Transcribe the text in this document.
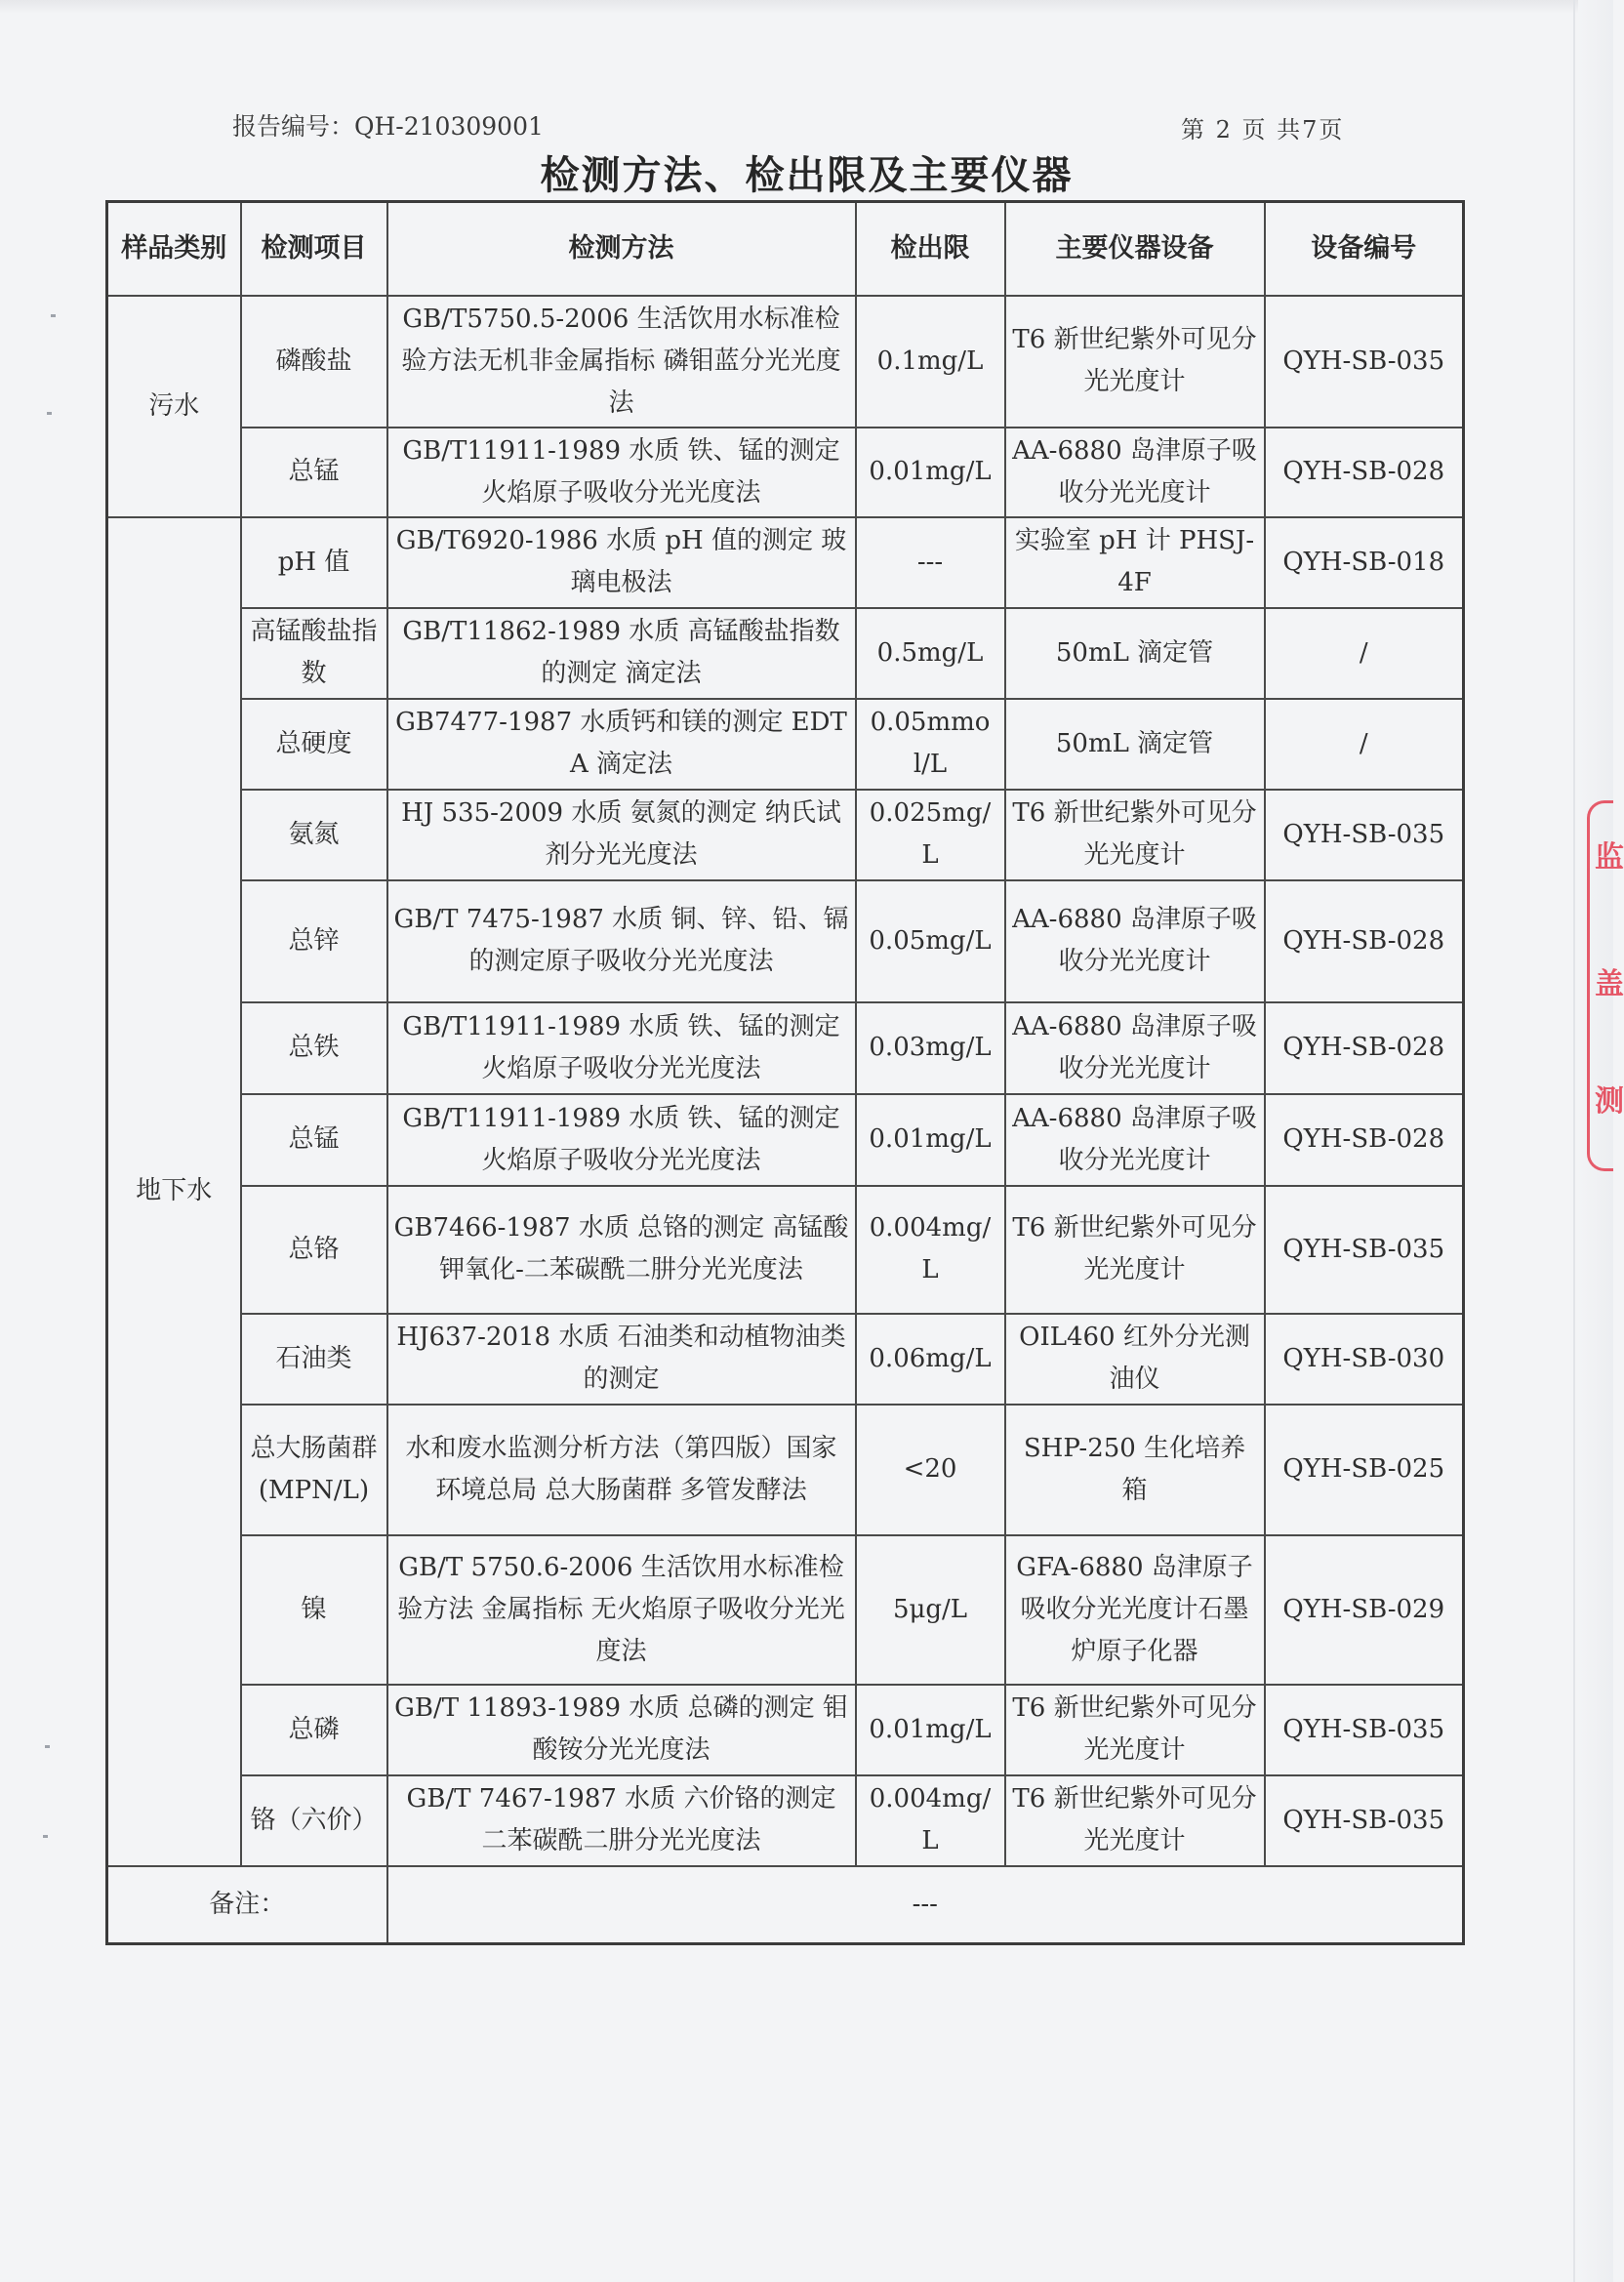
报告编号：QH-210309001	第 2 页 共7页
检测方法、检出限及主要仪器
样品类别	检测项目	检测方法	检出限	主要仪器设备	设备编号
污水	磷酸盐	GB/T5750.5-2006 生活饮用水标准检验方法无机非金属指标 磷钼蓝分光光度法	0.1mg/L	T6 新世纪紫外可见分光光度计	QYH-SB-035
	总锰	GB/T11911-1989 水质 铁、锰的测定 火焰原子吸收分光光度法	0.01mg/L	AA-6880 岛津原子吸收分光光度计	QYH-SB-028
地下水	pH 值	GB/T6920-1986 水质 pH 值的测定 玻璃电极法	---	实验室 pH 计 PHSJ-4F	QYH-SB-018
	高锰酸盐指数	GB/T11862-1989 水质 高锰酸盐指数的测定 滴定法	0.5mg/L	50mL 滴定管	/
	总硬度	GB7477-1987 水质钙和镁的测定 EDTA 滴定法	0.05mmol/L	50mL 滴定管	/
	氨氮	HJ 535-2009 水质 氨氮的测定 纳氏试剂分光光度法	0.025mg/L	T6 新世纪紫外可见分光光度计	QYH-SB-035
	总锌	GB/T 7475-1987 水质 铜、锌、铅、镉的测定原子吸收分光光度法	0.05mg/L	AA-6880 岛津原子吸收分光光度计	QYH-SB-028
	总铁	GB/T11911-1989 水质 铁、锰的测定 火焰原子吸收分光光度法	0.03mg/L	AA-6880 岛津原子吸收分光光度计	QYH-SB-028
	总锰	GB/T11911-1989 水质 铁、锰的测定 火焰原子吸收分光光度法	0.01mg/L	AA-6880 岛津原子吸收分光光度计	QYH-SB-028
	总铬	GB7466-1987 水质 总铬的测定 高锰酸钾氧化-二苯碳酰二肼分光光度法	0.004mg/L	T6 新世纪紫外可见分光光度计	QYH-SB-035
	石油类	HJ637-2018 水质 石油类和动植物油类的测定	0.06mg/L	OIL460 红外分光测油仪	QYH-SB-030
	总大肠菌群(MPN/L)	水和废水监测分析方法（第四版）国家环境总局 总大肠菌群 多管发酵法	<20	SHP-250 生化培养箱	QYH-SB-025
	镍	GB/T 5750.6-2006 生活饮用水标准检验方法 金属指标 无火焰原子吸收分光光度法	5μg/L	GFA-6880 岛津原子吸收分光光度计石墨炉原子化器	QYH-SB-029
	总磷	GB/T 11893-1989 水质 总磷的测定 钼酸铵分光光度法	0.01mg/L	T6 新世纪紫外可见分光光度计	QYH-SB-035
	铬（六价）	GB/T 7467-1987 水质 六价铬的测定 二苯碳酰二肼分光光度法	0.004mg/L	T6 新世纪紫外可见分光光度计	QYH-SB-035
备注：		---			
监
盖
测
